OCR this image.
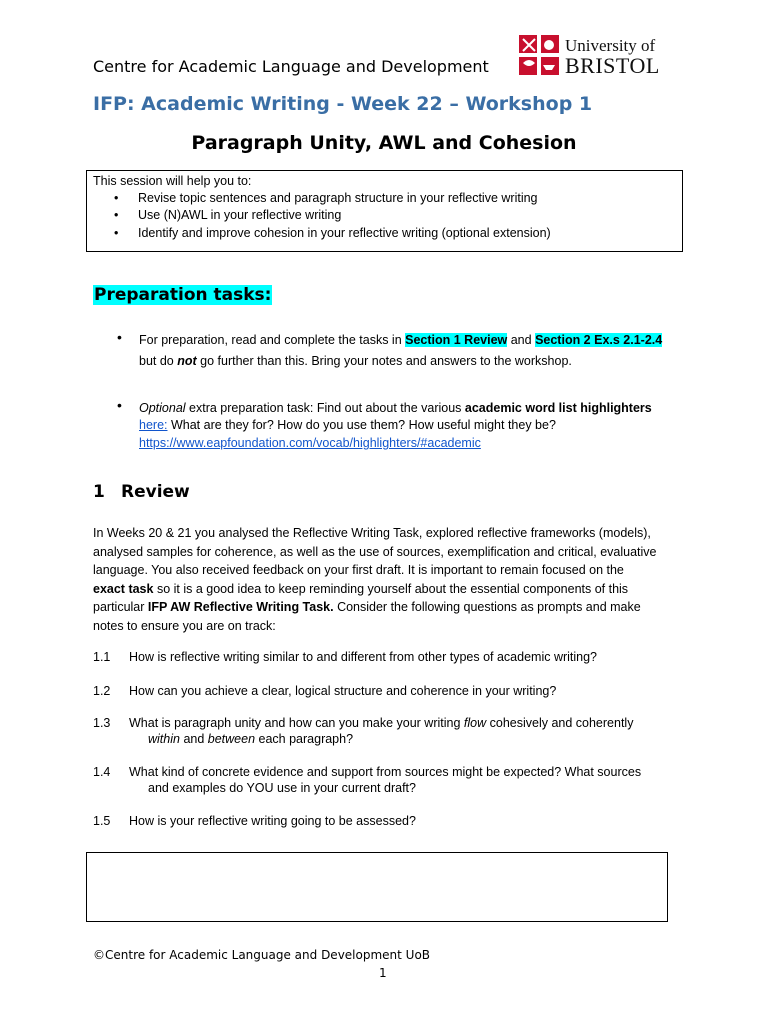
Centre for Academic Language and Development
University of
BRISTOL
IFP: Academic Writing - Week 22 – Workshop 1
Paragraph Unity, AWL and Cohesion
This session will help you to:
• Revise topic sentences and paragraph structure in your reflective writing
• Use (N)AWL in your reflective writing
• Identify and improve cohesion in your reflective writing (optional extension)
Preparation tasks:
• For preparation, read and complete the tasks in Section 1 Review and Section 2 Ex.s 2.1-2.4
but do not go further than this. Bring your notes and answers to the workshop.
• Optional extra preparation task: Find out about the various academic word list highlighters
here: What are they for? How do you use them? How useful might they be?
https://www.eapfoundation.com/vocab/highlighters/#academic
1 Review
In Weeks 20 & 21 you analysed the Reflective Writing Task, explored reflective frameworks (models),
analysed samples for coherence, as well as the use of sources, exemplification and critical, evaluative
language. You also received feedback on your first draft. It is important to remain focused on the
exact task so it is a good idea to keep reminding yourself about the essential components of this
particular IFP AW Reflective Writing Task. Consider the following questions as prompts and make
notes to ensure you are on track:
1.1 How is reflective writing similar to and different from other types of academic writing?
1.2 How can you achieve a clear, logical structure and coherence in your writing?
1.3 What is paragraph unity and how can you make your writing flow cohesively and coherently
within and between each paragraph?
1.4 What kind of concrete evidence and support from sources might be expected? What sources
and examples do YOU use in your current draft?
1.5 How is your reflective writing going to be assessed?
©Centre for Academic Language and Development UoB
1
